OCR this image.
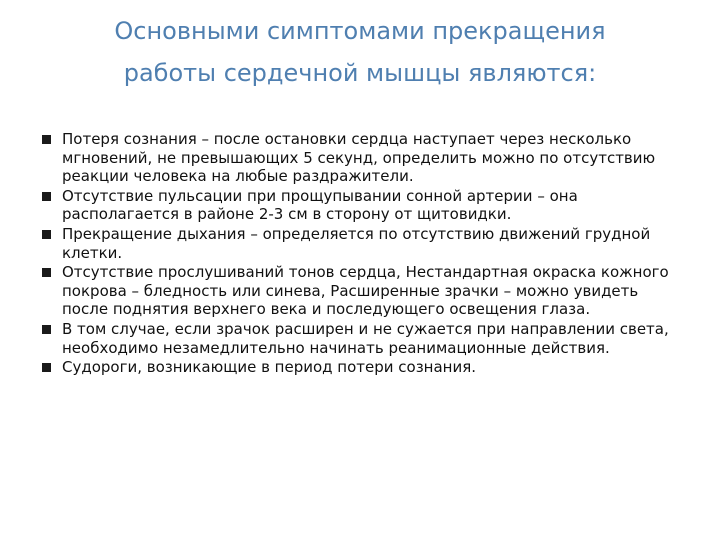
Основными симптомами прекращения
работы сердечной мышцы являются:
Потеря сознания – после остановки сердца наступает через несколько мгновений, не превышающих 5 секунд, определить можно по отсутствию реакции человека на любые раздражители.
Отсутствие пульсации при прощупывании сонной артерии – она располагается в районе 2-3 см в сторону от щитовидки.
Прекращение дыхания – определяется по отсутствию движений грудной клетки.
Отсутствие прослушиваний тонов сердца, Нестандартная окраска кожного покрова – бледность или синева, Расширенные зрачки – можно увидеть после поднятия верхнего века и последующего освещения глаза.
В том случае, если зрачок расширен и не сужается при направлении света, необходимо незамедлительно начинать реанимационные действия.
Судороги, возникающие в период потери сознания.
